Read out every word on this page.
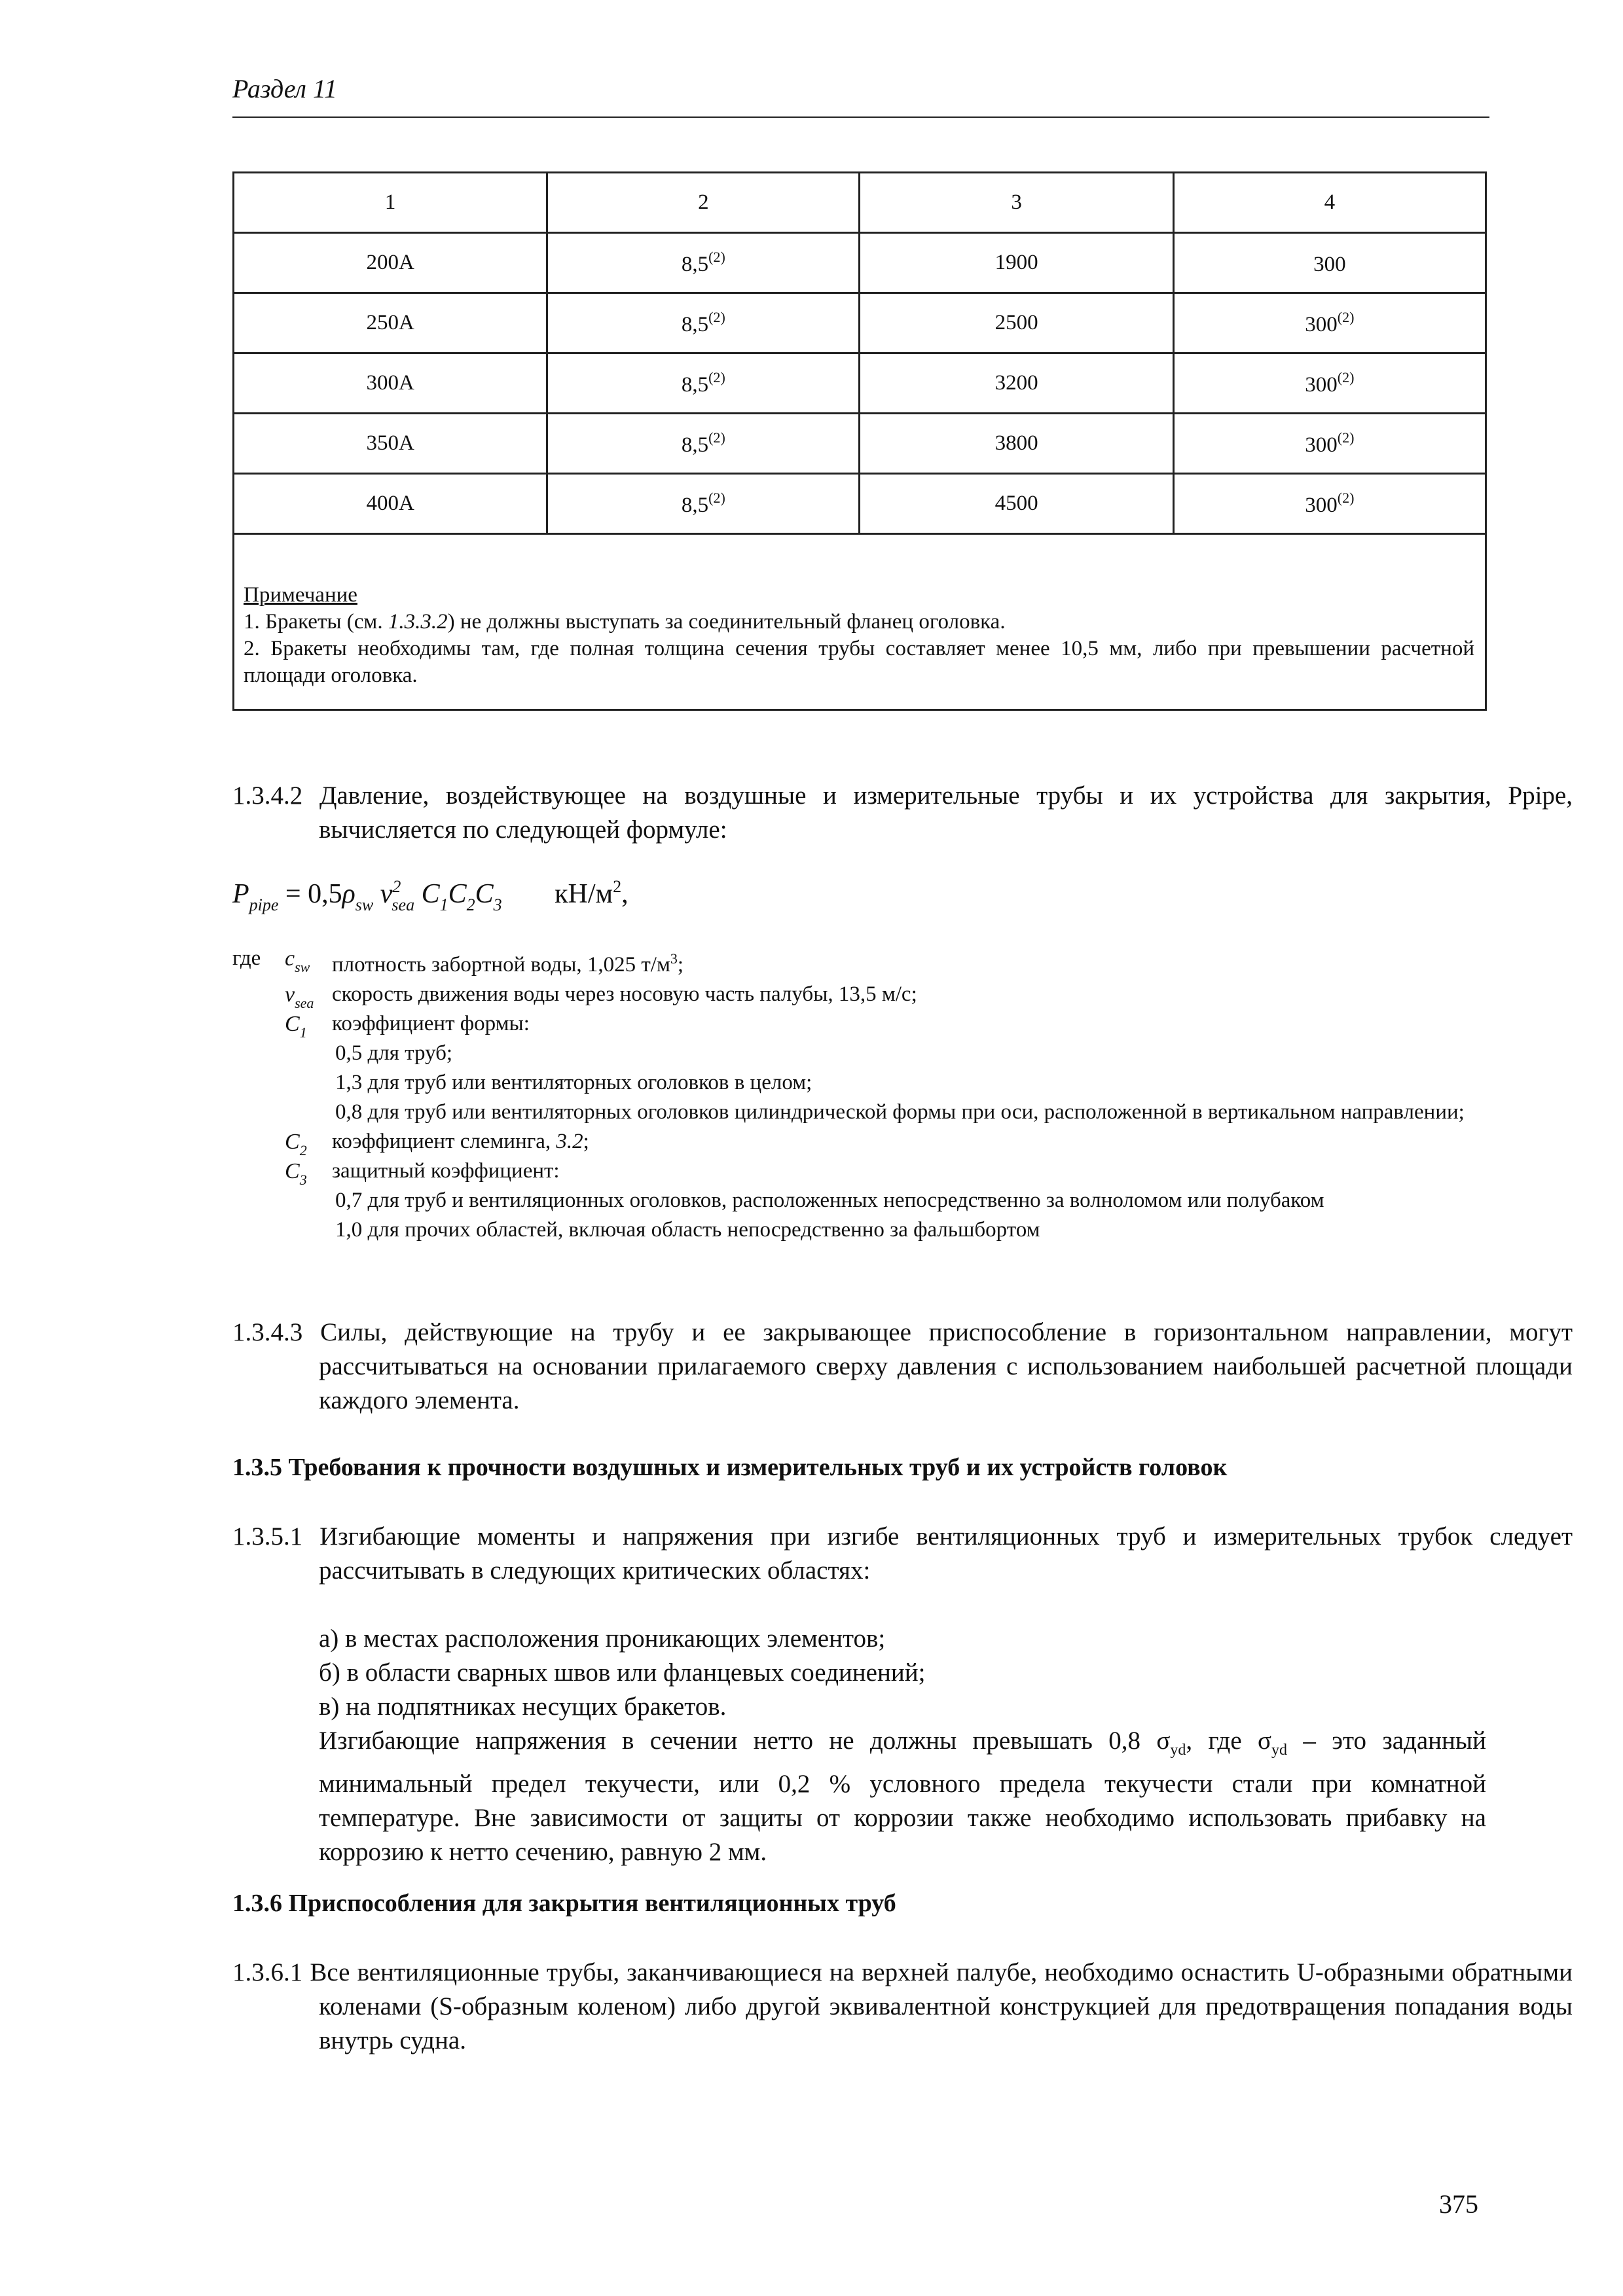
Раздел 11
1	2	3	4
200A	8,5$^{(2)}$	1900	300
250A	8,5$^{(2)}$	2500	300$^{(2)}$
300A	8,5$^{(2)}$	3200	300$^{(2)}$
350A	8,5$^{(2)}$	3800	300$^{(2)}$
400A	8,5$^{(2)}$	4500	300$^{(2)}$

Примечание
1. Бракеты (см. 1.3.3.2) не должны выступать за соединительный фланец оголовка.
2. Бракеты необходимы там, где полная толщина сечения трубы составляет менее 10,5 мм, либо при превышении расчетной площади оголовка.			
1.3.4.2 Давление, воздействующее на воздушные и измерительные трубы и их устройства для закрытия, Ppipe, вычисляется по следующей формуле:
$P_{pipe} = 0,5\rho_{sw}$ $v^2_{sea}$ $C_1C_2C_3$ $кН/м^2$,
где $c_{sw}$ плотность забортной воды, 1,025 $т/м^3$;
$v_{sea}$ скорость движения воды через носовую часть палубы, 13,5 м/с;
$C_1$ коэффициент формы:
0,5 для труб;
1,3 для труб или вентиляторных оголовков в целом;
0,8 для труб или вентиляторных оголовков цилиндрической формы при оси, расположенной в вертикальном направлении;
$C_2$ коэффициент слеминга, 3.2;
$C_3$ защитный коэффициент:
0,7 для труб и вентиляционных оголовков, расположенных непосредственно за волноломом или полубаком
1,0 для прочих областей, включая область непосредственно за фальшбортом
1.3.4.3 Силы, действующие на трубу и ее закрывающее приспособление в горизонтальном направлении, могут рассчитываться на основании прилагаемого сверху давления с использованием наибольшей расчетной площади каждого элемента.
1.3.5 Требования к прочности воздушных и измерительных труб и их устройств головок
1.3.5.1 Изгибающие моменты и напряжения при изгибе вентиляционных труб и измерительных трубок следует рассчитывать в следующих критических областях:
а) в местах расположения проникающих элементов;
б) в области сварных швов или фланцевых соединений;
в) на подпятниках несущих бракетов.
Изгибающие напряжения в сечении нетто не должны превышать 0,8 $\sigma_{yd}$, где $\sigma_{yd}$ – это заданный минимальный предел текучести, или 0,2 % условного предела текучести стали при комнатной температуре. Вне зависимости от защиты от коррозии также необходимо использовать прибавку на коррозию к нетто сечению, равную 2 мм.
1.3.6 Приспособления для закрытия вентиляционных труб
1.3.6.1 Все вентиляционные трубы, заканчивающиеся на верхней палубе, необходимо оснастить U-образными обратными коленами (S-образным коленом) либо другой эквивалентной конструкцией для предотвращения попадания воды внутрь судна.
375
